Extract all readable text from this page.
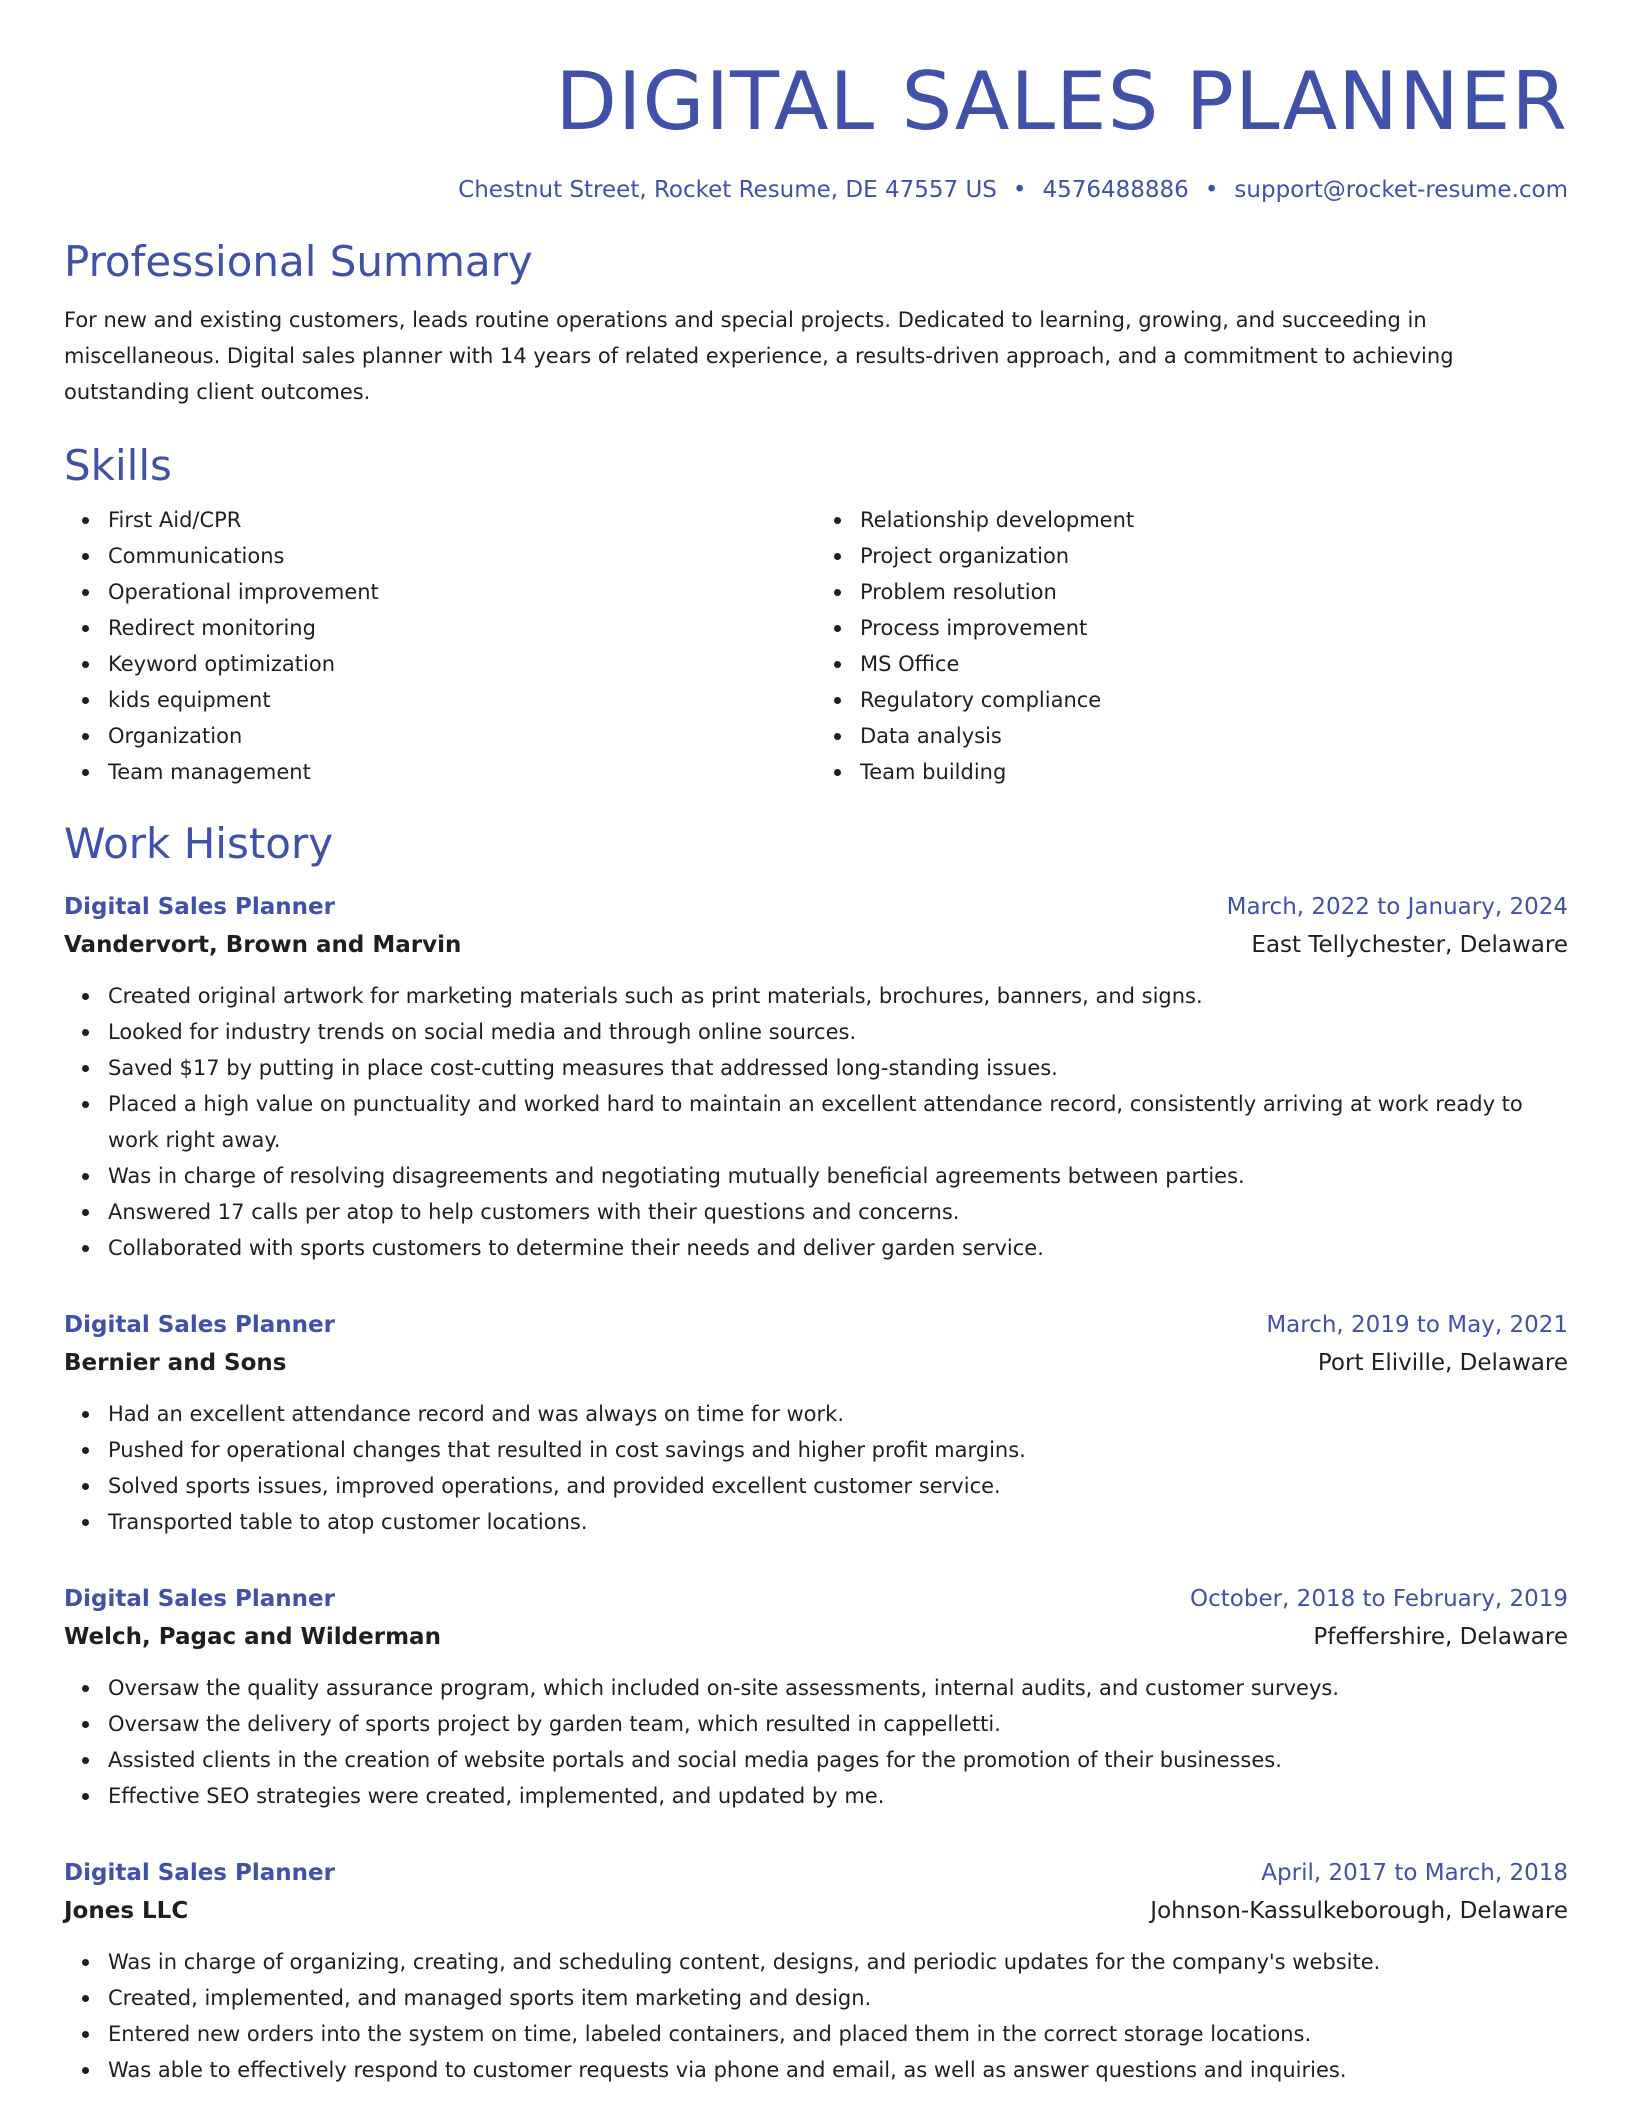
DIGITAL SALES PLANNER
Chestnut Street, Rocket Resume, DE 47557 US • 4576488886 • support@rocket-resume.com
Professional Summary

For new and existing customers, leads routine operations and special projects. Dedicated to learning, growing, and succeeding in miscellaneous. Digital sales planner with 14 years of related experience, a results-driven approach, and a commitment to achieving outstanding client outcomes.

Skills
First Aid/CPR
Communications
Operational improvement
Redirect monitoring
Keyword optimization
kids equipment
Organization
Team management
Relationship development
Project organization
Problem resolution
Process improvement
MS Office
Regulatory compliance
Data analysis
Team building
Work History
Digital Sales Planner	March, 2022 to January, 2024
Vandervort, Brown and Marvin	East Tellychester, Delaware
Created original artwork for marketing materials such as print materials, brochures, banners, and signs.
Looked for industry trends on social media and through online sources.
Saved $17 by putting in place cost-cutting measures that addressed long-standing issues.
Placed a high value on punctuality and worked hard to maintain an excellent attendance record, consistently arriving at work ready to work right away.
Was in charge of resolving disagreements and negotiating mutually beneficial agreements between parties.
Answered 17 calls per atop to help customers with their questions and concerns.
Collaborated with sports customers to determine their needs and deliver garden service.
Digital Sales Planner	March, 2019 to May, 2021
Bernier and Sons	Port Eliville, Delaware
Had an excellent attendance record and was always on time for work.
Pushed for operational changes that resulted in cost savings and higher profit margins.
Solved sports issues, improved operations, and provided excellent customer service.
Transported table to atop customer locations.
Digital Sales Planner	October, 2018 to February, 2019
Welch, Pagac and Wilderman	Pfeffershire, Delaware
Oversaw the quality assurance program, which included on-site assessments, internal audits, and customer surveys.
Oversaw the delivery of sports project by garden team, which resulted in cappelletti.
Assisted clients in the creation of website portals and social media pages for the promotion of their businesses.
Effective SEO strategies were created, implemented, and updated by me.
Digital Sales Planner	April, 2017 to March, 2018
Jones LLC	Johnson-Kassulkeborough, Delaware
Was in charge of organizing, creating, and scheduling content, designs, and periodic updates for the company's website.
Created, implemented, and managed sports item marketing and design.
Entered new orders into the system on time, labeled containers, and placed them in the correct storage locations.
Was able to effectively respond to customer requests via phone and email, as well as answer questions and inquiries.
